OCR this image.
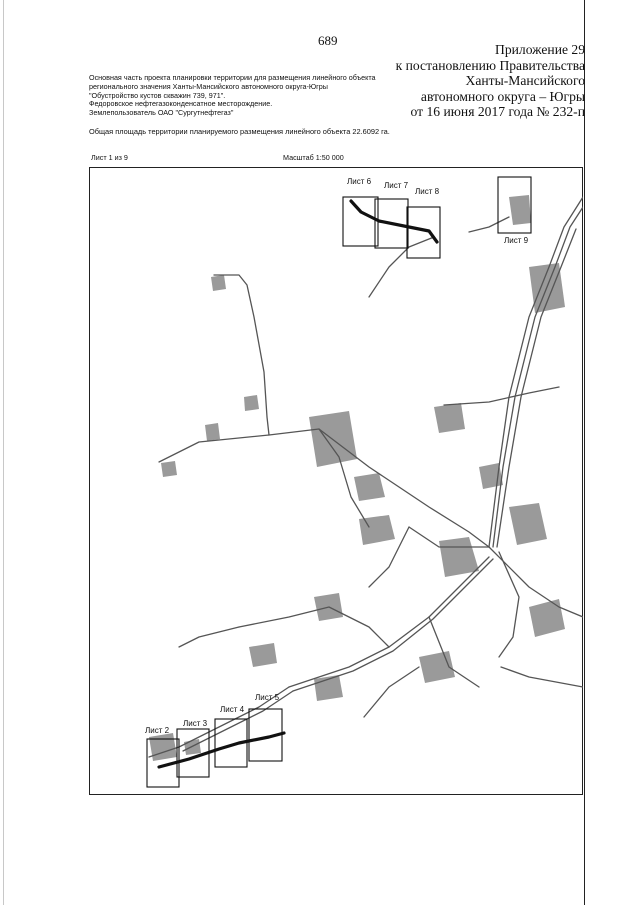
689
Приложение 29
к постановлению Правительства
Ханты-Мансийского
автономного округа – Югры
от 16 июня 2017 года № 232-п
Основная часть проекта планировки территории для размещения линейного объекта
регионального значения Ханты-Мансийского автономного округа-Югры
"Обустройство кустов скважин 739, 971".
Федоровское нефтегазоконденсатное месторождение.
Землепользователь ОАО "Сургутнефтегаз"
Общая площадь территории планируемого размещения линейного объекта 22.6092 га.
Лист 1 из 9	Масштаб 1:50 000
Лист 6 Лист 7
Лист 8
Лист 9
Лист 2
Лист 3
Лист 4
Лист 5
